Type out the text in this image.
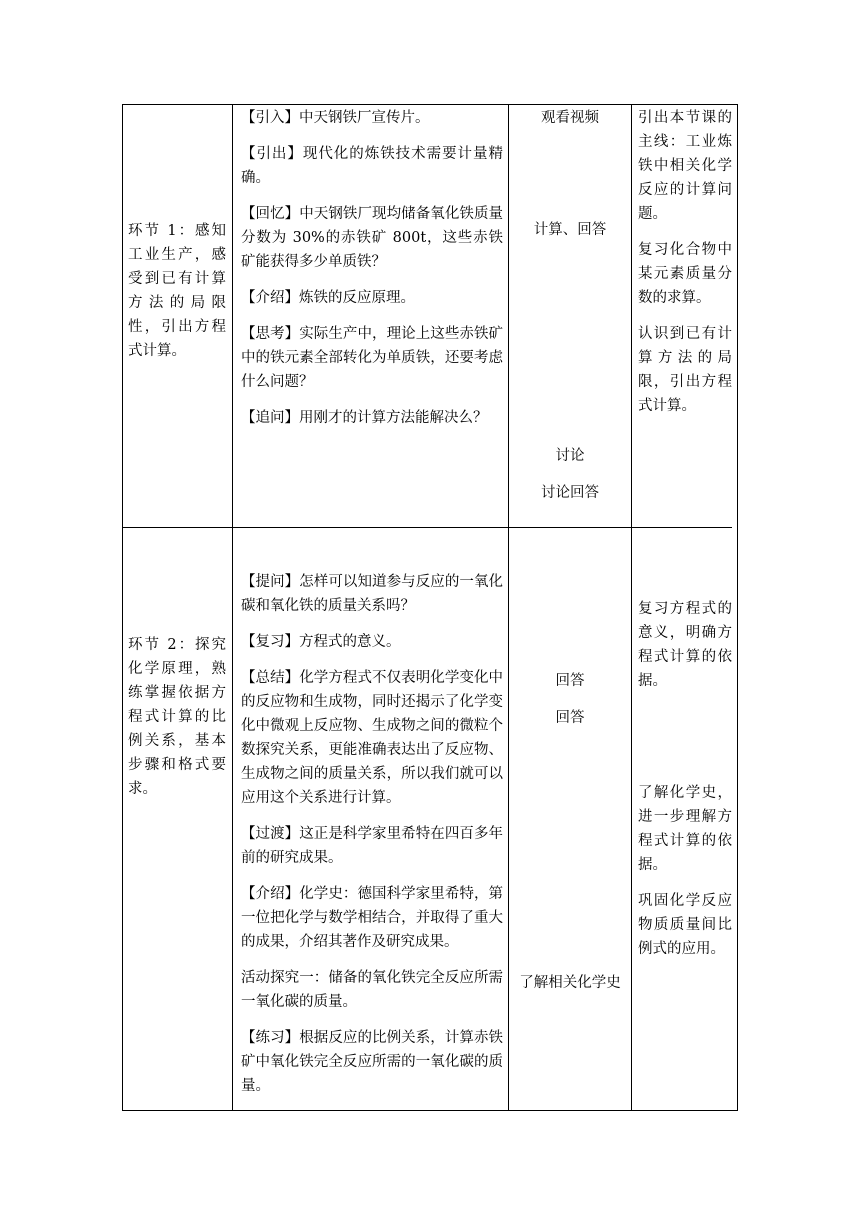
环节 1：感知工业生产，感受到已有计算方法的局限性，引出方程式计算。

【引入】中天钢铁厂宣传片。

【引出】现代化的炼铁技术需要计量精确。

【回忆】中天钢铁厂现均储备氧化铁质量分数为 30%的赤铁矿 800t，这些赤铁矿能获得多少单质铁？

【介绍】炼铁的反应原理。

【思考】实际生产中，理论上这些赤铁矿中的铁元素全部转化为单质铁，还要考虑什么问题？

【追问】用刚才的计算方法能解决么？

观看视频
计算、回答
讨论
讨论回答

引出本节课的主线：工业炼铁中相关化学反应的计算问题。

复习化合物中某元素质量分数的求算。

认识到已有计算方法的局限，引出方程式计算。

环节 2：探究化学原理，熟练掌握依据方程式计算的比例关系，基本步骤和格式要求。

【提问】怎样可以知道参与反应的一氧化碳和氧化铁的质量关系吗？

【复习】方程式的意义。

【总结】化学方程式不仅表明化学变化中的反应物和生成物，同时还揭示了化学变化中微观上反应物、生成物之间的微粒个数探究关系，更能准确表达出了反应物、生成物之间的质量关系，所以我们就可以应用这个关系进行计算。

【过渡】这正是科学家里希特在四百多年前的研究成果。

【介绍】化学史：德国科学家里希特，第一位把化学与数学相结合，并取得了重大的成果，介绍其著作及研究成果。

活动探究一：储备的氧化铁完全反应所需一氧化碳的质量。

【练习】根据反应的比例关系，计算赤铁矿中氧化铁完全反应所需的一氧化碳的质量。

回答
回答
了解相关化学史

复习方程式的意义，明确方程式计算的依据。

了解化学史，进一步理解方程式计算的依据。

巩固化学反应物质质量间比例式的应用。
